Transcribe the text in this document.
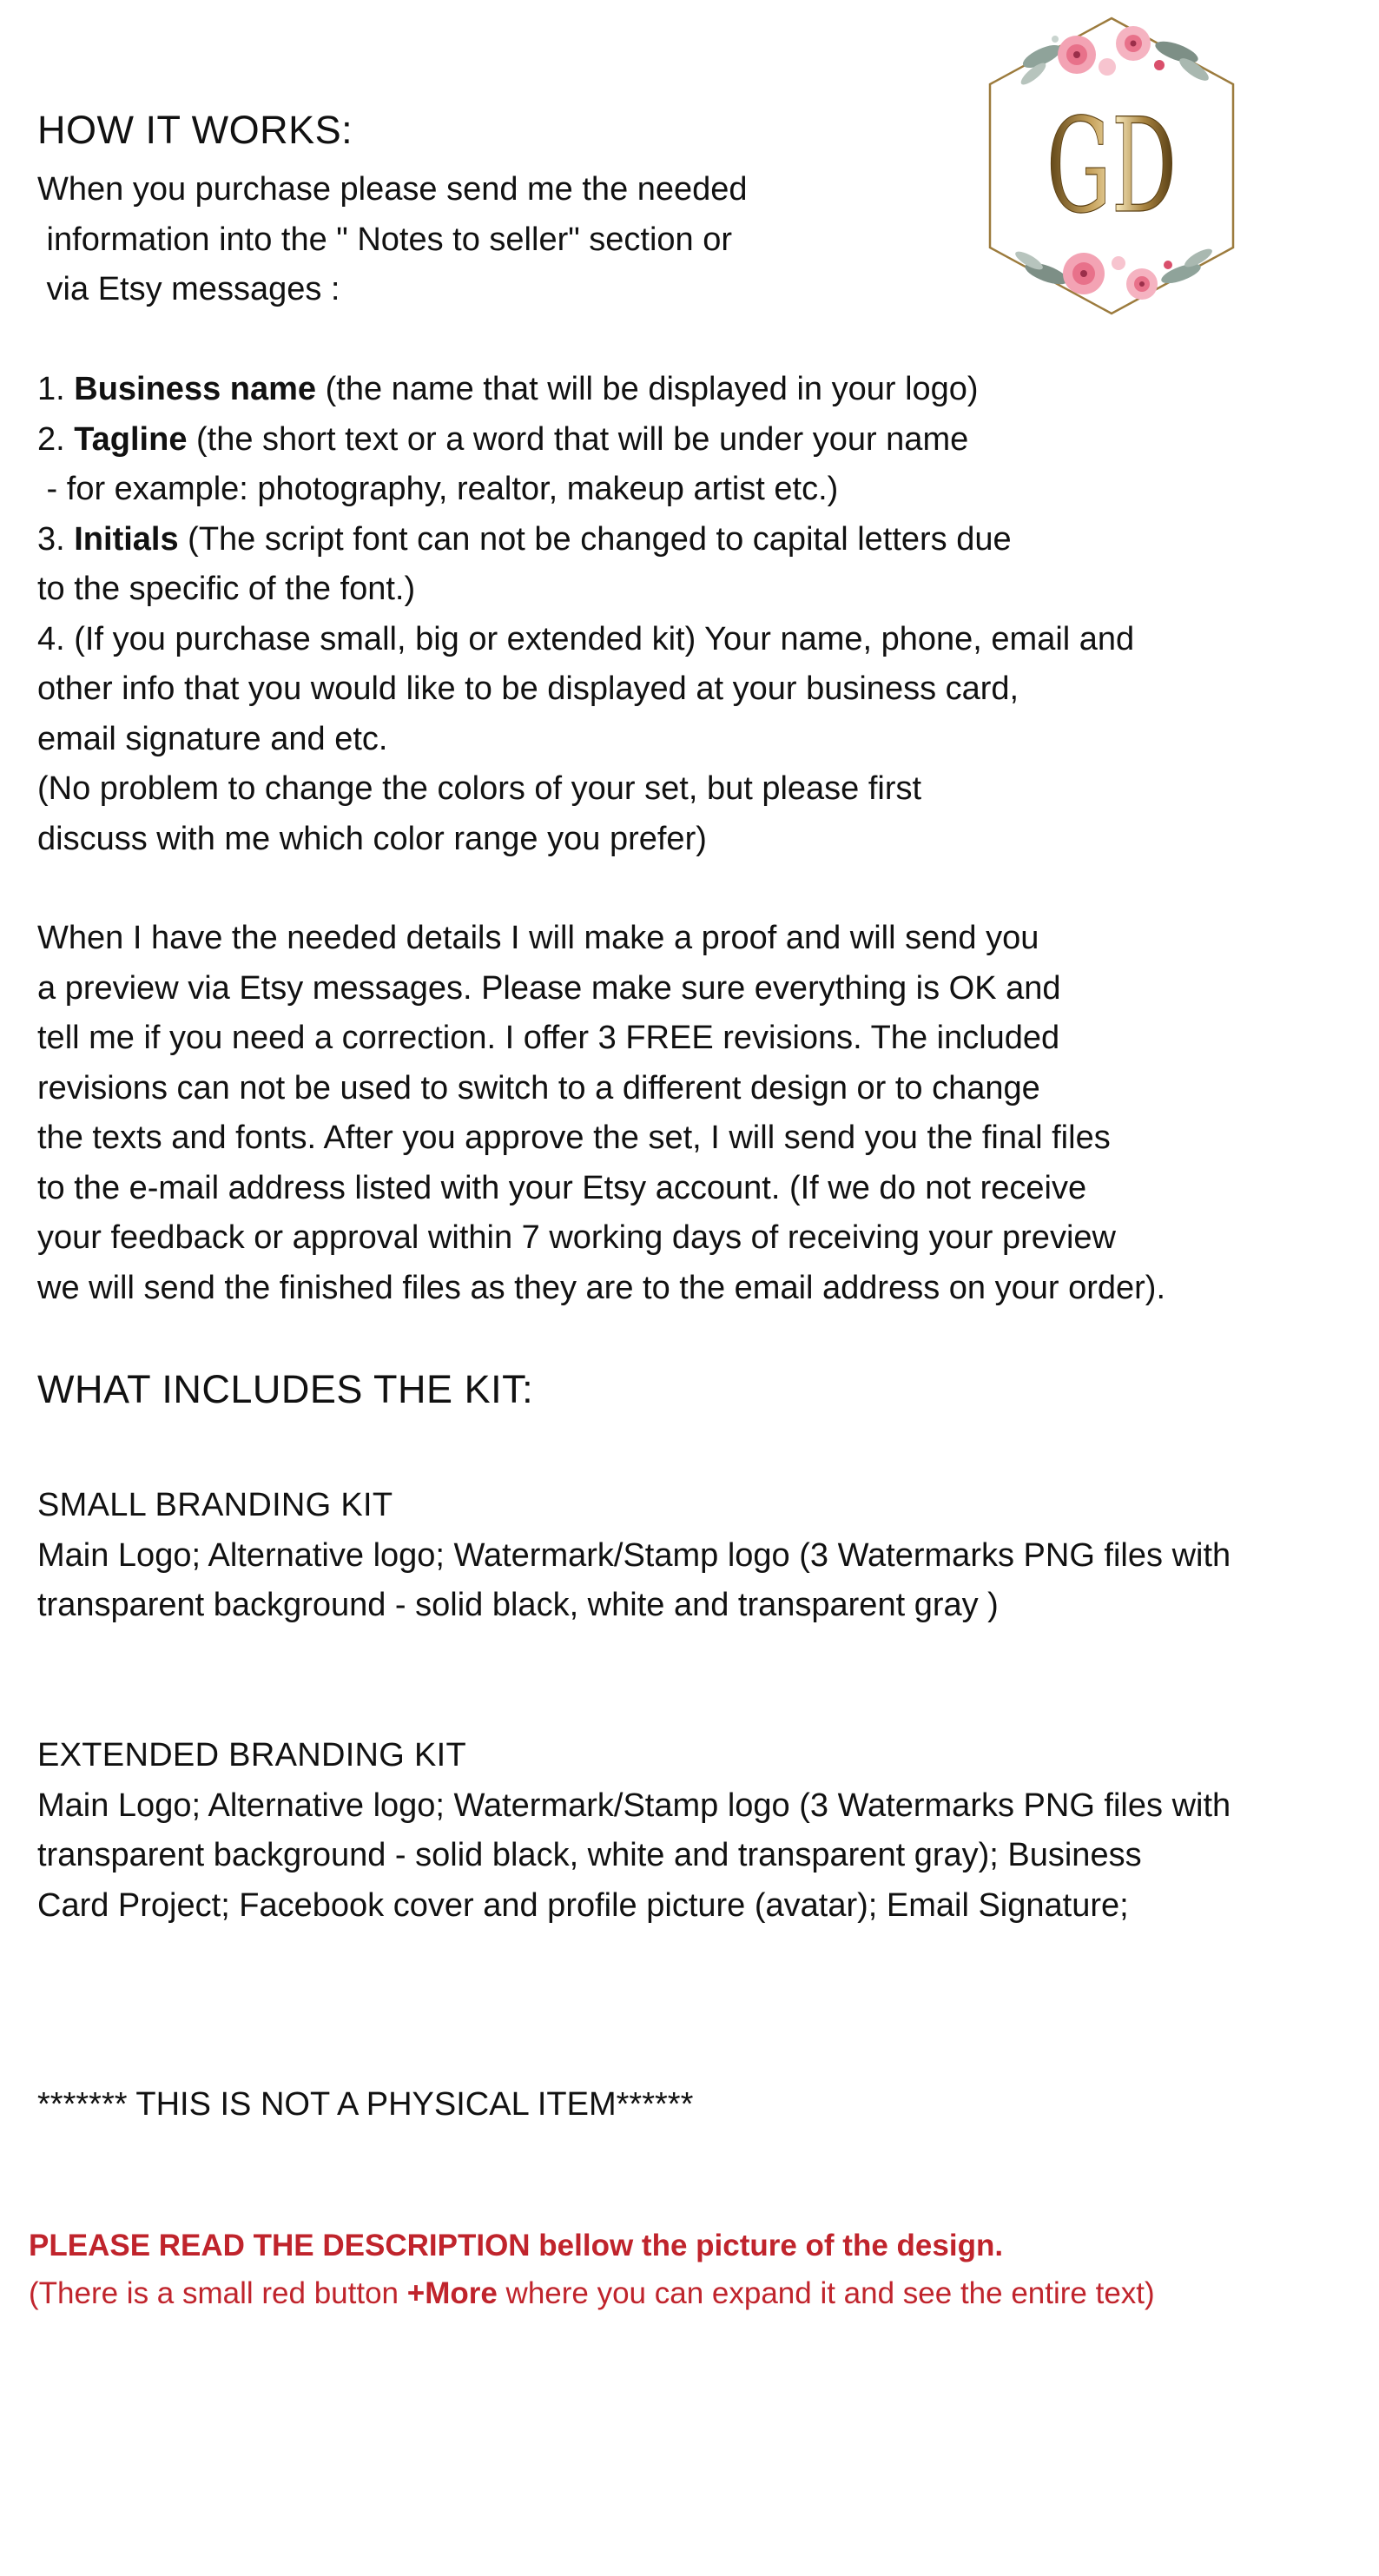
GD
HOW IT WORKS:

When you purchase please send me the needed

information into the " Notes to seller" section or

via Etsy messages :

1. Business name (the name that will be displayed in your logo)

2. Tagline (the short text or a word that will be under your name

- for example: photography, realtor, makeup artist etc.)

3. Initials (The script font can not be changed to capital letters due

to the specific of the font.)

4. (If you purchase small, big or extended kit) Your name, phone, email and

other info that you would like to be displayed at your business card,

email signature and etc.

(No problem to change the colors of your set, but please first

discuss with me which color range you prefer)

When I have the needed details I will make a proof and will send you

a preview via Etsy messages. Please make sure everything is OK and

tell me if you need a correction. I offer 3 FREE revisions. The included

revisions can not be used to switch to a different design or to change

the texts and fonts. After you approve the set, I will send you the final files

to the e-mail address listed with your Etsy account. (If we do not receive

your feedback or approval within 7 working days of receiving your preview

we will send the finished files as they are to the email address on your order).

WHAT INCLUDES THE KIT:

SMALL BRANDING KIT

Main Logo; Alternative logo; Watermark/Stamp logo (3 Watermarks PNG files with

transparent background - solid black, white and transparent gray )

EXTENDED BRANDING KIT

Main Logo; Alternative logo; Watermark/Stamp logo (3 Watermarks PNG files with

transparent background - solid black, white and transparent gray); Business

Card Project; Facebook cover and profile picture (avatar); Email Signature;

******* THIS IS NOT A PHYSICAL ITEM******

PLEASE READ THE DESCRIPTION bellow the picture of the design.

(There is a small red button +More where you can expand it and see the entire text)
